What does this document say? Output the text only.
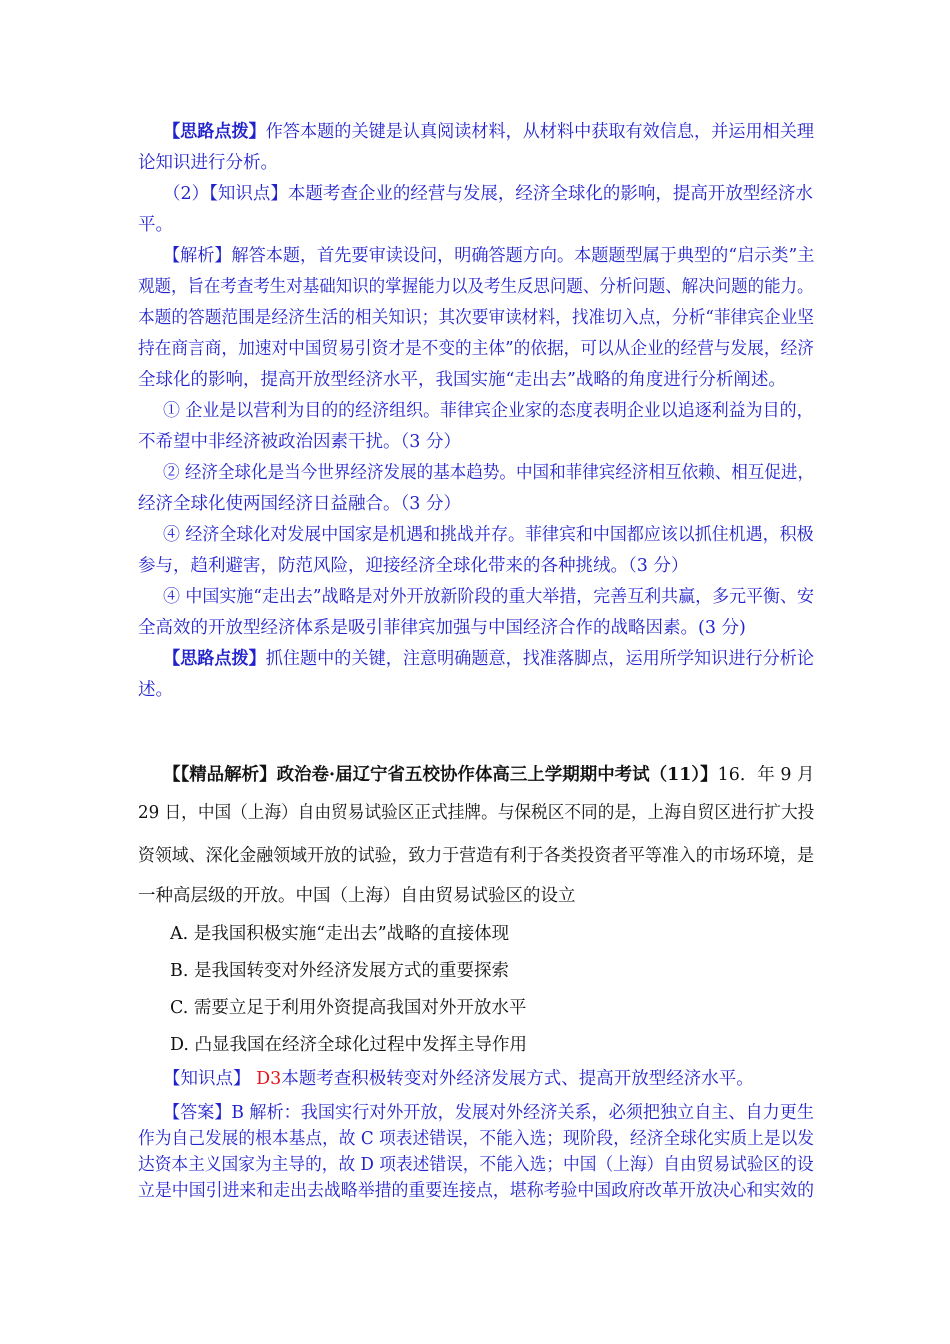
【思路点拨】作答本题的关键是认真阅读材料，从材料中获取有效信息，并运用相关理
论知识进行分析。
（2）【知识点】本题考查企业的经营与发展，经济全球化的影响，提高开放型经济水
平。
【解析】解答本题，首先要审读设问，明确答题方向。本题题型属于典型的“启示类”主
观题，旨在考查考生对基础知识的掌握能力以及考生反思问题、分析问题、解决问题的能力。
本题的答题范围是经济生活的相关知识；其次要审读材料，找准切入点，分析“菲律宾企业坚
持在商言商，加速对中国贸易引资才是不变的主体”的依据，可以从企业的经营与发展，经济
全球化的影响，提高开放型经济水平，我国实施“走出去”战略的角度进行分析阐述。
① 企业是以营利为目的的经济组织。菲律宾企业家的态度表明企业以追逐利益为目的，
不希望中非经济被政治因素干扰。（3 分）
② 经济全球化是当今世界经济发展的基本趋势。中国和菲律宾经济相互依赖、相互促进，
经济全球化使两国经济日益融合。（3 分）
④ 经济全球化对发展中国家是机遇和挑战并存。菲律宾和中国都应该以抓住机遇，积极
参与，趋利避害，防范风险，迎接经济全球化带来的各种挑绒。（3 分）
④ 中国实施“走出去”战略是对外开放新阶段的重大举措，完善互利共赢，多元平衡、安
全高效的开放型经济体系是吸引菲律宾加强与中国经济合作的战略因素。(3 分)
【思路点拨】抓住题中的关键，注意明确题意，找准落脚点，运用所学知识进行分析论
述。
【【精品解析】政治卷·届辽宁省五校协作体高三上学期期中考试（11）】16．年 9 月
29 日，中国（上海）自由贸易试验区正式挂牌。与保税区不同的是，上海自贸区进行扩大投
资领域、深化金融领域开放的试验，致力于营造有利于各类投资者平等准入的市场环境，是
一种高层级的开放。中国（上海）自由贸易试验区的设立
A. 是我国积极实施“走出去”战略的直接体现
B. 是我国转变对外经济发展方式的重要探索
C. 需要立足于利用外资提高我国对外开放水平
D. 凸显我国在经济全球化过程中发挥主导作用
【知识点】 D3本题考查积极转变对外经济发展方式、提高开放型经济水平。
【答案】B 解析：我国实行对外开放，发展对外经济关系，必须把独立自主、自力更生
作为自己发展的根本基点，故 C 项表述错误，不能入选；现阶段，经济全球化实质上是以发
达资本主义国家为主导的，故 D 项表述错误，不能入选；中国（上海）自由贸易试验区的设
立是中国引进来和走出去战略举措的重要连接点，堪称考验中国政府改革开放决心和实效的
